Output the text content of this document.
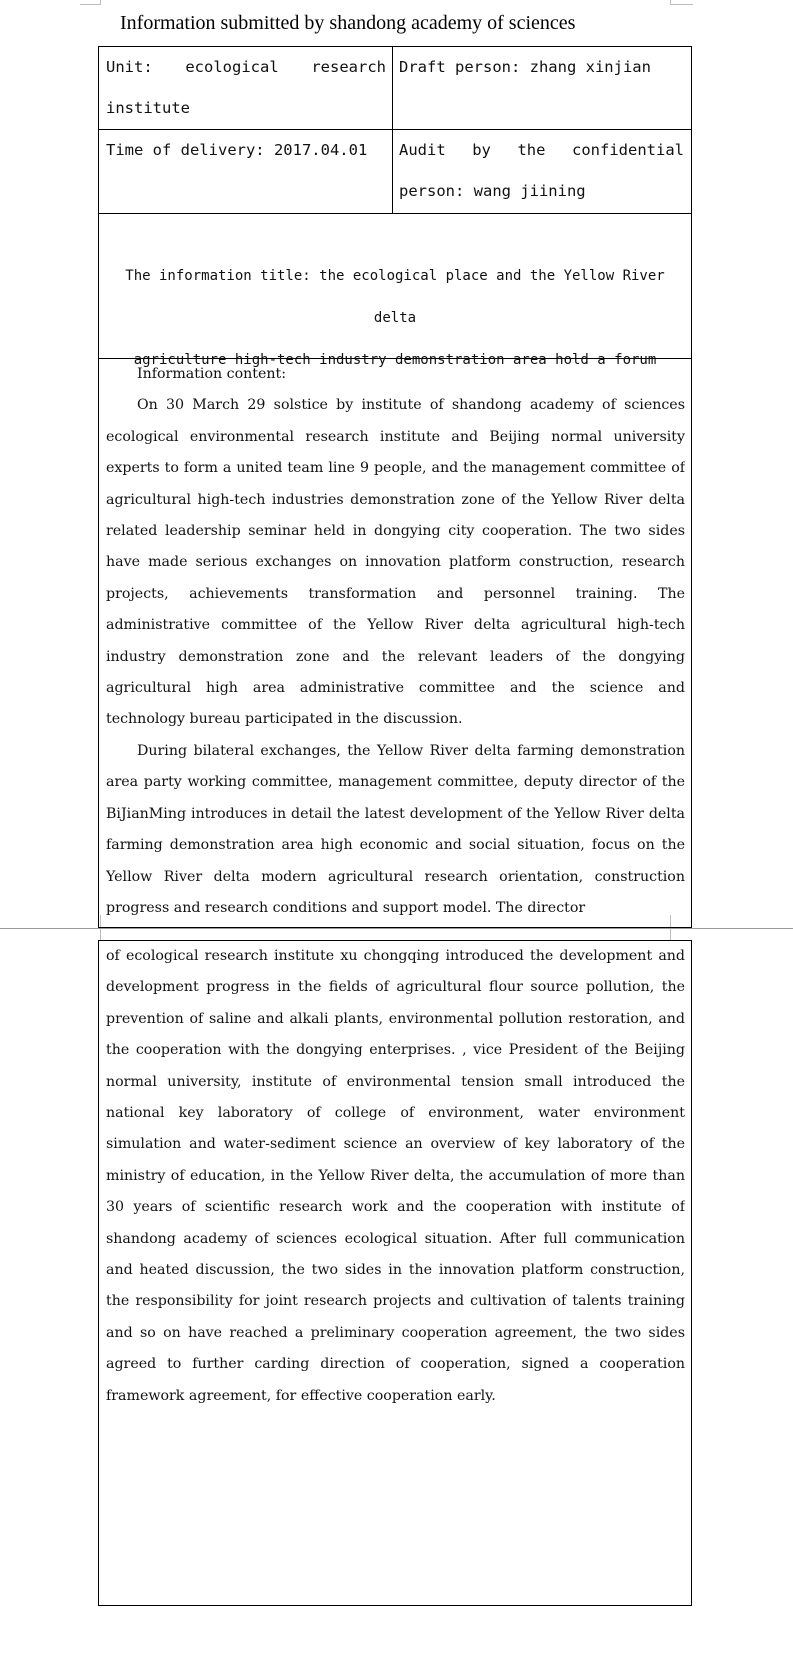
Information submitted by shandong academy of sciences
Unit: ecological research
institute
Draft person: zhang xinjian
Time of delivery: 2017.04.01	Audit by the confidential
person: wang jiining
The information title: the ecological place and the Yellow River delta
agriculture high-tech industry demonstration area hold a forum

Information content:

On 30 March 29 solstice by institute of shandong academy of sciences ecological environmental research institute and Beijing normal university experts to form a united team line 9 people, and the management committee of agricultural high-tech industries demonstration zone of the Yellow River delta related leadership seminar held in dongying city cooperation. The two sides have made serious exchanges on innovation platform construction, research projects, achievements transformation and personnel training. The administrative committee of the Yellow River delta agricultural high-tech industry demonstration zone and the relevant leaders of the dongying agricultural high area administrative committee and the science and technology bureau participated in the discussion.

During bilateral exchanges, the Yellow River delta farming demonstration area party working committee, management committee, deputy director of the BiJianMing introduces in detail the latest development of the Yellow River delta farming demonstration area high economic and social situation, focus on the Yellow River delta modern agricultural research orientation, construction progress and research conditions and support model. The director

of ecological research institute xu chongqing introduced the development and development progress in the fields of agricultural flour source pollution, the prevention of saline and alkali plants, environmental pollution restoration, and the cooperation with the dongying enterprises. , vice President of the Beijing normal university, institute of environmental tension small introduced the national key laboratory of college of environment, water environment simulation and water-sediment science an overview of key laboratory of the ministry of education, in the Yellow River delta, the accumulation of more than 30 years of scientific research work and the cooperation with institute of shandong academy of sciences ecological situation. After full communication and heated discussion, the two sides in the innovation platform construction, the responsibility for joint research projects and cultivation of talents training and so on have reached a preliminary cooperation agreement, the two sides agreed to further carding direction of cooperation, signed a cooperation framework agreement, for effective cooperation early.
